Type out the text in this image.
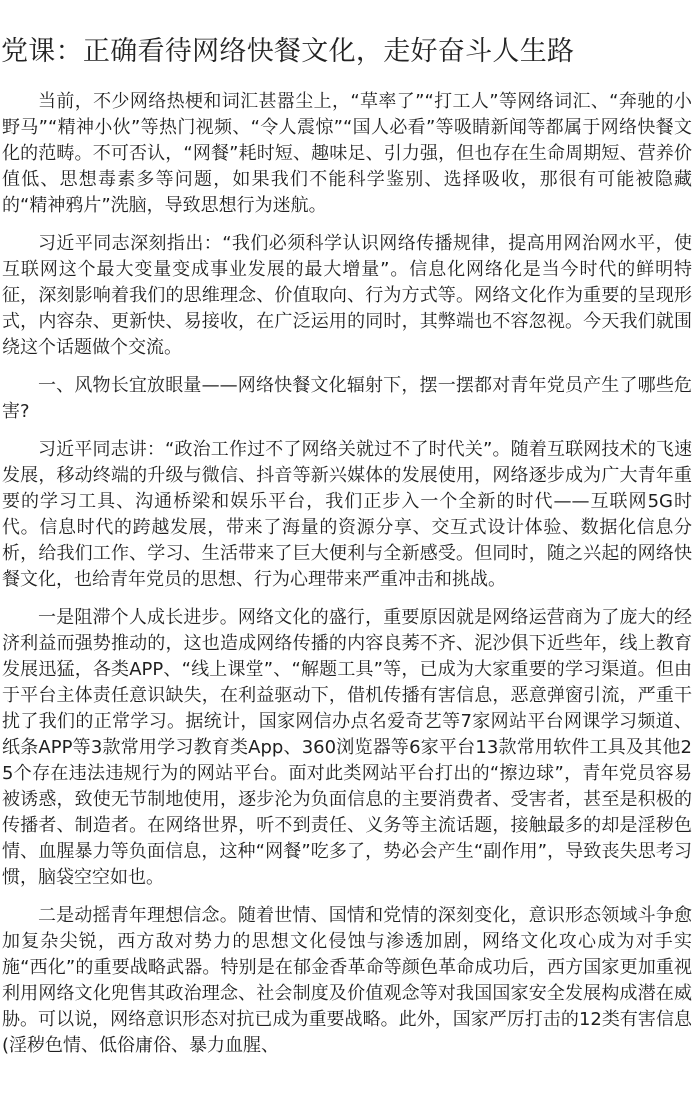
党课：正确看待网络快餐文化，走好奋斗人生路

当前，不少网络热梗和词汇甚嚣尘上，“草率了”“打工人”等网络词汇、“奔驰的小野马”“精神小伙”等热门视频、“令人震惊”“国人必看”等吸睛新闻等都属于网络快餐文化的范畴。不可否认，“网餐”耗时短、趣味足、引力强，但也存在生命周期短、营养价值低、思想毒素多等问题，如果我们不能科学鉴别、选择吸收，那很有可能被隐藏的“精神鸦片”洗脑，导致思想行为迷航。

习近平同志深刻指出：“我们必须科学认识网络传播规律，提高用网治网水平，使互联网这个最大变量变成事业发展的最大增量”。信息化网络化是当今时代的鲜明特征，深刻影响着我们的思维理念、价值取向、行为方式等。网络文化作为重要的呈现形式，内容杂、更新快、易接收，在广泛运用的同时，其弊端也不容忽视。今天我们就围绕这个话题做个交流。

一、风物长宜放眼量——网络快餐文化辐射下，摆一摆都对青年党员产生了哪些危害?

习近平同志讲：“政治工作过不了网络关就过不了时代关”。随着互联网技术的飞速发展，移动终端的升级与微信、抖音等新兴媒体的发展使用，网络逐步成为广大青年重要的学习工具、沟通桥梁和娱乐平台，我们正步入一个全新的时代——互联网5G时代。信息时代的跨越发展，带来了海量的资源分享、交互式设计体验、数据化信息分析，给我们工作、学习、生活带来了巨大便利与全新感受。但同时，随之兴起的网络快餐文化，也给青年党员的思想、行为心理带来严重冲击和挑战。

一是阻滞个人成长进步。网络文化的盛行，重要原因就是网络运营商为了庞大的经济利益而强势推动的，这也造成网络传播的内容良莠不齐、泥沙俱下近些年，线上教育发展迅猛，各类APP、“线上课堂”、“解题工具”等，已成为大家重要的学习渠道。但由于平台主体责任意识缺失，在利益驱动下，借机传播有害信息，恶意弹窗引流，严重干扰了我们的正常学习。据统计，国家网信办点名爱奇艺等7家网站平台网课学习频道、纸条APP等3款常用学习教育类App、360浏览器等6家平台13款常用软件工具及其他25个存在违法违规行为的网站平台。面对此类网站平台打出的“擦边球”，青年党员容易被诱惑，致使无节制地使用，逐步沦为负面信息的主要消费者、受害者，甚至是积极的传播者、制造者。在网络世界，听不到责任、义务等主流话题，接触最多的却是淫秽色情、血腥暴力等负面信息，这种“网餐”吃多了，势必会产生“副作用”，导致丧失思考习惯，脑袋空空如也。

二是动摇青年理想信念。随着世情、国情和党情的深刻变化，意识形态领域斗争愈加复杂尖锐，西方敌对势力的思想文化侵蚀与渗透加剧，网络文化攻心成为对手实施“西化”的重要战略武器。特别是在郁金香革命等颜色革命成功后，西方国家更加重视利用网络文化兜售其政治理念、社会制度及价值观念等对我国国家安全发展构成潜在威胁。可以说，网络意识形态对抗已成为重要战略。此外，国家严厉打击的12类有害信息(淫秽色情、低俗庸俗、暴力血腥、
